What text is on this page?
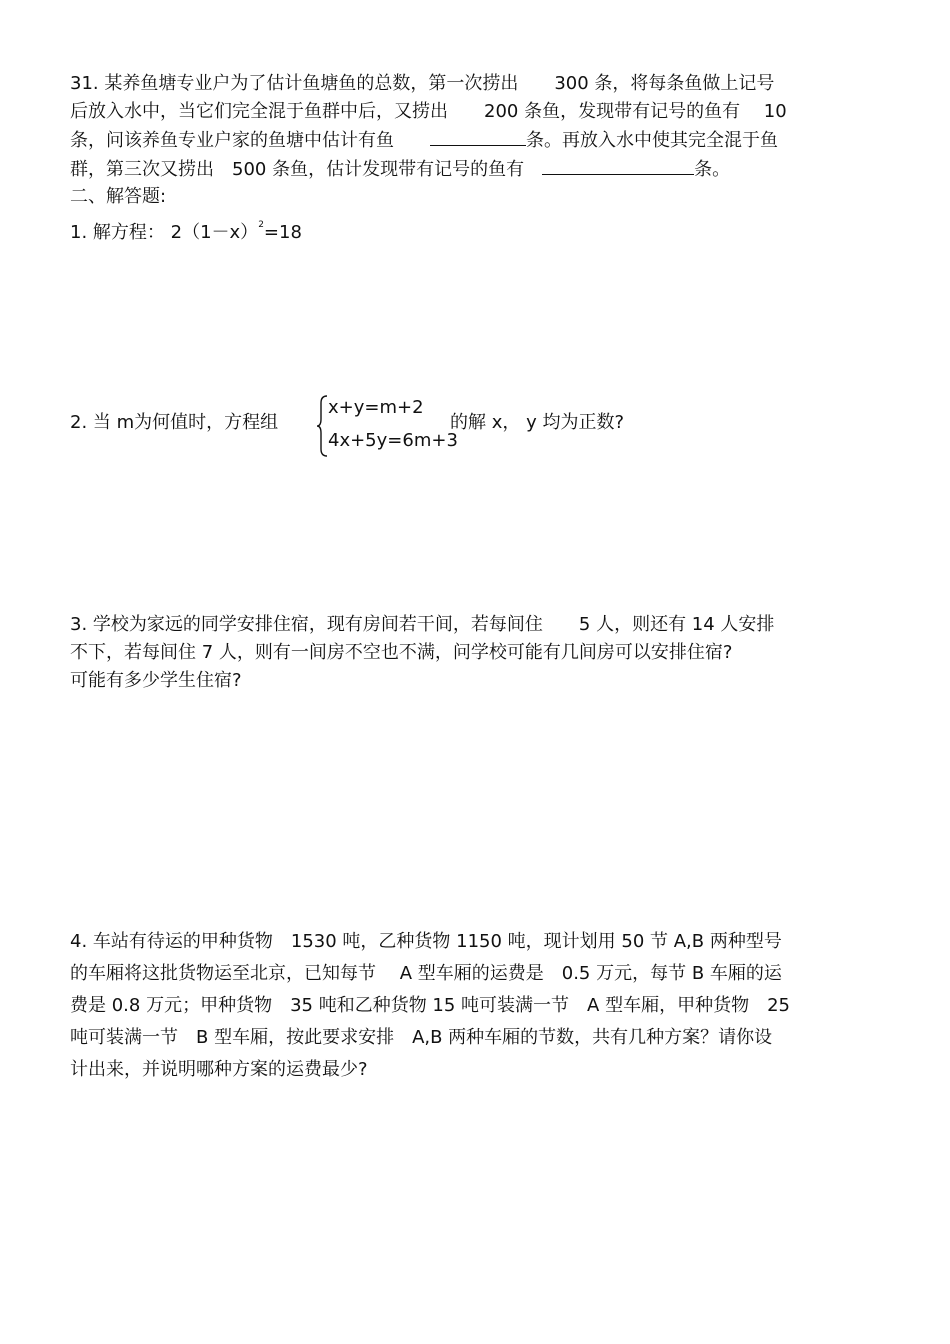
31. 某养鱼塘专业户为了估计鱼塘鱼的总数，第一次捞出　　300 条，将每条鱼做上记号
后放入水中，当它们完全混于鱼群中后，又捞出　　200 条鱼，发现带有记号的鱼有　 10
条，问该养鱼专业户家的鱼塘中估计有鱼　　	条。再放入水中使其完全混于鱼
群，第三次又捞出　500 条鱼，估计发现带有记号的鱼有　	条。
二、解答题:
1. 解方程： $2(1-x)^2=18$
2. 当 m为何值时，方程组
x+y=m+2
4x+5y=6m+3
的解 x， y 均为正数?
3. 学校为家远的同学安排住宿，现有房间若干间，若每间住　　5 人，则还有 14 人安排
不下，若每间住 7 人，则有一间房不空也不满，问学校可能有几间房可以安排住宿?
可能有多少学生住宿?
4. 车站有待运的甲种货物　1530 吨，乙种货物 1150 吨，现计划用 50 节 A,B 两种型号
的车厢将这批货物运至北京，已知每节　 A 型车厢的运费是　0.5 万元，每节 B 车厢的运
费是 0.8 万元；甲种货物　35 吨和乙种货物 15 吨可装满一节　A 型车厢，甲种货物　25
吨可装满一节　B 型车厢，按此要求安排　A,B 两种车厢的节数，共有几种方案？请你设
计出来，并说明哪种方案的运费最少?
